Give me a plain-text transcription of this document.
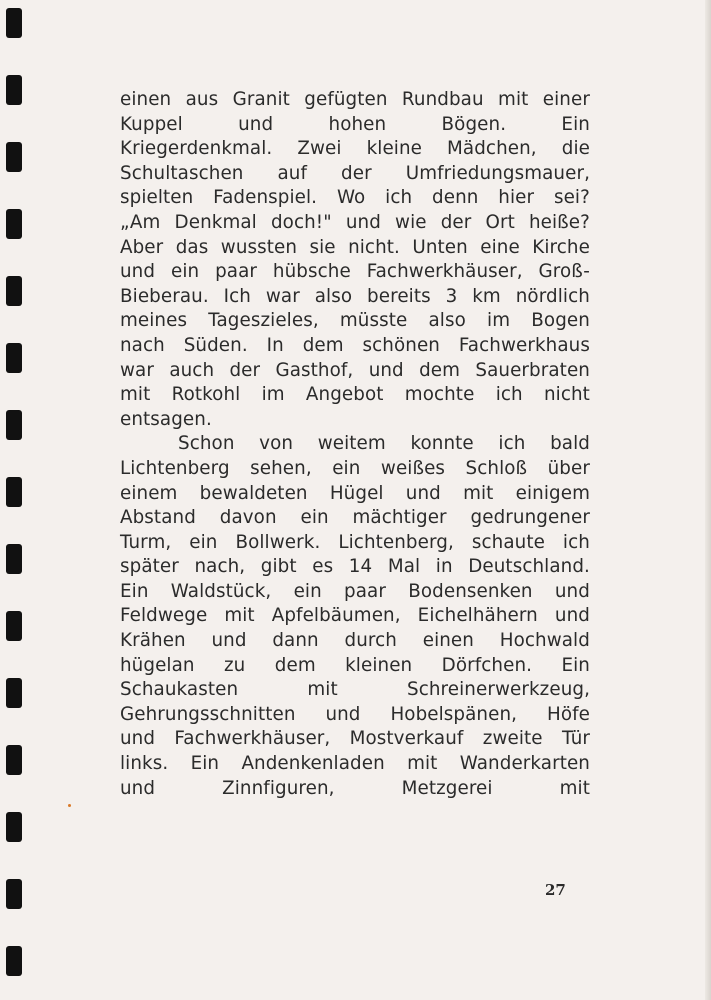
einen aus Granit gefügten Rundbau mit einer
Kuppel	und	hohen	Bögen.	Ein
Kriegerdenkmal. Zwei kleine Mädchen, die
Schultaschen auf der Umfriedungsmauer,
spielten Fadenspiel. Wo ich denn hier sei?
„Am Denkmal doch!" und wie der Ort heiße?
Aber das wussten sie nicht. Unten eine Kirche
und ein paar hübsche Fachwerkhäuser, Groß-
Bieberau. Ich war also bereits 3 km nördlich
meines Tageszieles, müsste also im Bogen
nach Süden. In dem schönen Fachwerkhaus
war auch der Gasthof, und dem Sauerbraten
mit Rotkohl im Angebot mochte ich nicht
entsagen.
Schon von weitem konnte ich bald
Lichtenberg sehen, ein weißes Schloß über
einem bewaldeten Hügel und mit einigem
Abstand davon ein mächtiger gedrungener
Turm, ein Bollwerk. Lichtenberg, schaute ich
später nach, gibt es 14 Mal in Deutschland.
Ein Waldstück, ein paar Bodensenken und
Feldwege mit Apfelbäumen, Eichelhähern und
Krähen und dann durch einen Hochwald
hügelan zu dem kleinen Dörfchen. Ein
Schaukasten	mit	Schreinerwerkzeug,
Gehrungsschnitten und Hobelspänen, Höfe
und Fachwerkhäuser, Mostverkauf zweite Tür
links. Ein Andenkenladen mit Wanderkarten
und	Zinnfiguren,	Metzgerei	mit
27
